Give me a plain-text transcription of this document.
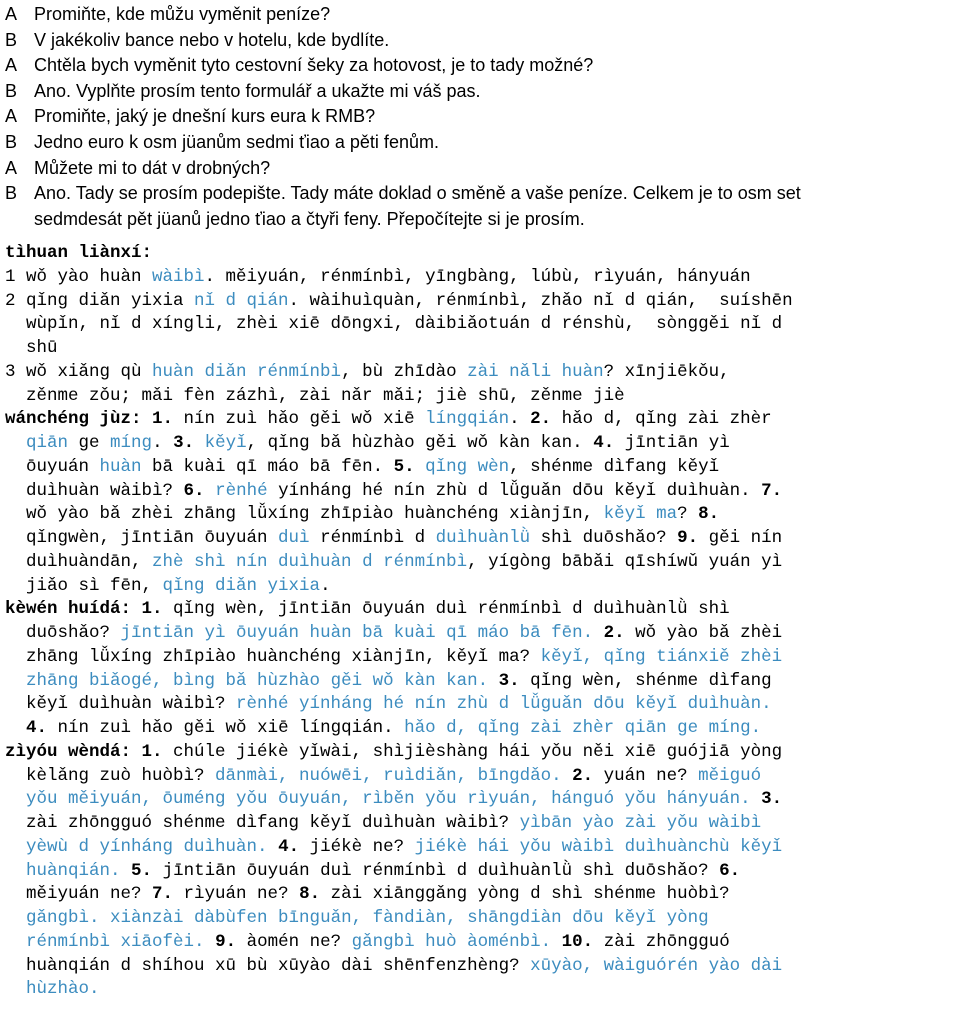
A Promiňte, kde můžu vyměnit peníze?
B V jakékoliv bance nebo v hotelu, kde bydlíte.
A Chtěla bych vyměnit tyto cestovní šeky za hotovost, je to tady možné?
B Ano. Vyplňte prosím tento formulář a ukažte mi váš pas.
A Promiňte, jaký je dnešní kurs eura k RMB?
B Jedno euro k osm jüanům sedmi ťiao a pěti fenům.
A Můžete mi to dát v drobných?
B Ano. Tady se prosím podepište. Tady máte doklad o směně a vaše peníze. Celkem je to osm set
sedmdesát pět jüanů jedno ťiao a čtyři feny. Přepočítejte si je prosím.
tìhuan liànxí:
1 wǒ yào huàn wàibì. měiyuán, rénmínbì, yīngbàng, lúbù, rìyuán, hányuán
2 qǐng diǎn yixia nǐ d qián. wàihuìquàn, rénmínbì, zhǎo nǐ d qián,  suíshēn
wùpǐn, nǐ d xíngli, zhèi xiē dōngxi, dàibiǎotuán d rénshù,  sònggěi nǐ d
shū
3 wǒ xiǎng qù huàn diǎn rénmínbì, bù zhīdào zài nǎli huàn? xīnjiēkǒu,
zěnme zǒu; mǎi fèn zázhì, zài nǎr mǎi; jiè shū, zěnme jiè
wánchéng jùz: 1. nín zuì hǎo gěi wǒ xiē língqián. 2. hǎo d, qǐng zài zhèr
qiān ge míng. 3. kěyǐ, qǐng bǎ hùzhào gěi wǒ kàn kan. 4. jīntiān yì
ōuyuán huàn bā kuài qī máo bā fēn. 5. qǐng wèn, shénme dìfang kěyǐ
duìhuàn wàibì? 6. rènhé yínháng hé nín zhù d lǚguǎn dōu kěyǐ duìhuàn. 7.
wǒ yào bǎ zhèi zhāng lǚxíng zhīpiào huànchéng xiànjīn, kěyǐ ma? 8.
qǐngwèn, jīntiān ōuyuán duì rénmínbì d duìhuànlǜ shì duōshǎo? 9. gěi nín
duìhuàndān, zhè shì nín duìhuàn d rénmínbì, yígòng bābǎi qīshíwǔ yuán yì
jiǎo sì fēn, qǐng diǎn yixia.
kèwén huídá: 1. qǐng wèn, jīntiān ōuyuán duì rénmínbì d duìhuànlǜ shì
duōshǎo? jīntiān yì ōuyuán huàn bā kuài qī máo bā fēn. 2. wǒ yào bǎ zhèi
zhāng lǚxíng zhīpiào huànchéng xiànjīn, kěyǐ ma? kěyǐ, qǐng tiánxiě zhèi
zhāng biǎogé, bìng bǎ hùzhào gěi wǒ kàn kan. 3. qǐng wèn, shénme dìfang
kěyǐ duìhuàn wàibì? rènhé yínháng hé nín zhù d lǚguǎn dōu kěyǐ duìhuàn.
4. nín zuì hǎo gěi wǒ xiē língqián. hǎo d, qǐng zài zhèr qiān ge míng.
zìyóu wèndá: 1. chúle jiékè yǐwài, shìjièshàng hái yǒu něi xiē guójiā yòng
kèlǎng zuò huòbì? dānmài, nuówēi, ruìdiǎn, bīngdǎo. 2. yuán ne? měiguó
yǒu měiyuán, ōuméng yǒu ōuyuán, rìběn yǒu rìyuán, hánguó yǒu hányuán. 3.
zài zhōngguó shénme dìfang kěyǐ duìhuàn wàibì? yìbān yào zài yǒu wàibì
yèwù d yínháng duìhuàn. 4. jiékè ne? jiékè hái yǒu wàibì duìhuànchù kěyǐ
huànqián. 5. jīntiān ōuyuán duì rénmínbì d duìhuànlǜ shì duōshǎo? 6.
měiyuán ne? 7. rìyuán ne? 8. zài xiānggǎng yòng d shì shénme huòbì?
gǎngbì. xiànzài dàbùfen bīnguǎn, fàndiàn, shāngdiàn dōu kěyǐ yòng
rénmínbì xiāofèi. 9. àomén ne? gǎngbì huò àoménbì. 10. zài zhōngguó
huànqián d shíhou xū bù xūyào dài shēnfenzhèng? xūyào, wàiguórén yào dài
hùzhào.
